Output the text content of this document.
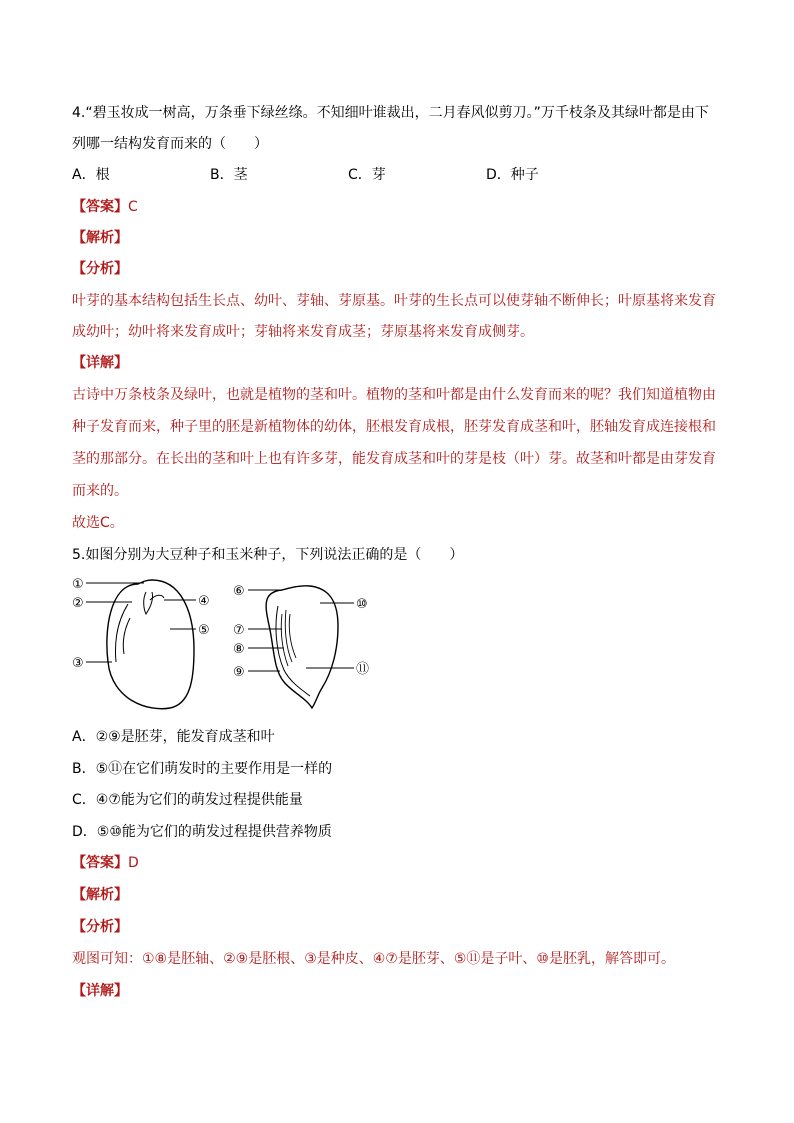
4.“碧玉妆成一树高，万条垂下绿丝绦。不知细叶谁裁出，二月春风似剪刀。”万千枝条及其绿叶都是由下
列哪一结构发育而来的（　　）
A．根	B．茎	C．芽	D．种子
【答案】C
【解析】
【分析】
叶芽的基本结构包括生长点、幼叶、芽轴、芽原基。叶芽的生长点可以使芽轴不断伸长；叶原基将来发育
成幼叶；幼叶将来发育成叶；芽轴将来发育成茎；芽原基将来发育成侧芽。
【详解】
古诗中万条枝条及绿叶，也就是植物的茎和叶。植物的茎和叶都是由什么发育而来的呢？我们知道植物由
种子发育而来，种子里的胚是新植物体的幼体，胚根发育成根，胚芽发育成茎和叶，胚轴发育成连接根和
茎的那部分。在长出的茎和叶上也有许多芽，能发育成茎和叶的芽是枝（叶）芽。故茎和叶都是由芽发育
而来的。
故选C。
5.如图分别为大豆种子和玉米种子，下列说法正确的是（　　）
①
②
③
④
⑤
⑥
⑦
⑧
⑨
⑩
⑪
A．②⑨是胚芽，能发育成茎和叶
B．⑤⑪在它们萌发时的主要作用是一样的
C．④⑦能为它们的萌发过程提供能量
D．⑤⑩能为它们的萌发过程提供营养物质
【答案】D
【解析】
【分析】
观图可知：①⑧是胚轴、②⑨是胚根、③是种皮、④⑦是胚芽、⑤⑪是子叶、⑩是胚乳，解答即可。
【详解】
